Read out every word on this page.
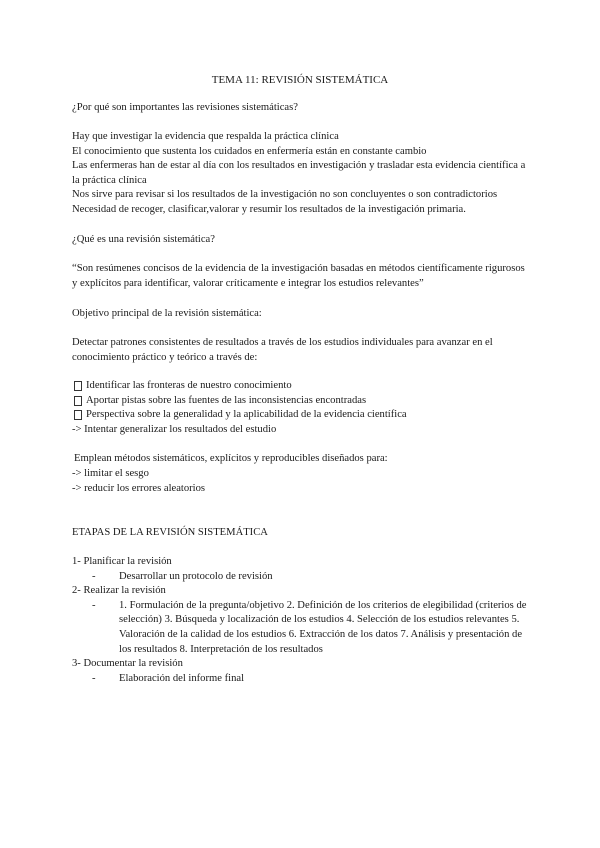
TEMA 11: REVISIÓN SISTEMÁTICA

¿Por qué son importantes las revisiones sistemáticas?

Hay que investigar la evidencia que respalda la práctica clínica

El conocimiento que sustenta los cuidados en enfermería están en constante cambio

Las enfermeras han de estar al día con los resultados en investigación y trasladar esta evidencia científica a la práctica clínica

Nos sirve para revisar si los resultados de la investigación no son concluyentes o son contradictorios

Necesidad de recoger, clasificar,valorar y resumir los resultados de la investigación primaria.

¿Qué es una revisión sistemática?

“Son resúmenes concisos de la evidencia de la investigación basadas en métodos científicamente rigurosos y explícitos para identificar, valorar críticamente e integrar los estudios relevantes”

Objetivo principal de la revisión sistemática:

Detectar patrones consistentes de resultados a través de los estudios individuales para avanzar en el conocimiento práctico y teórico a través de:

Identificar las fronteras de nuestro conocimiento
Aportar pistas sobre las fuentes de las inconsistencias encontradas
Perspectiva sobre la generalidad y la aplicabilidad de la evidencia científica

-> Intentar generalizar los resultados del estudio

Emplean métodos sistemáticos, explícitos y reproducibles diseñados para:

-> limitar el sesgo

-> reducir los errores aleatorios

ETAPAS DE LA REVISIÓN SISTEMÁTICA

1- Planificar la revisión

-	Desarrollar un protocolo de revisión

2- Realizar la revisión

-	1. Formulación de la pregunta/objetivo 2. Definición de los criterios de elegibilidad (criterios de selección) 3. Búsqueda y localización de los estudios 4. Selección de los estudios relevantes 5. Valoración de la calidad de los estudios 6. Extracción de los datos 7. Análisis y presentación de los resultados 8. Interpretación de los resultados

3- Documentar la revisión

-	Elaboración del informe final
